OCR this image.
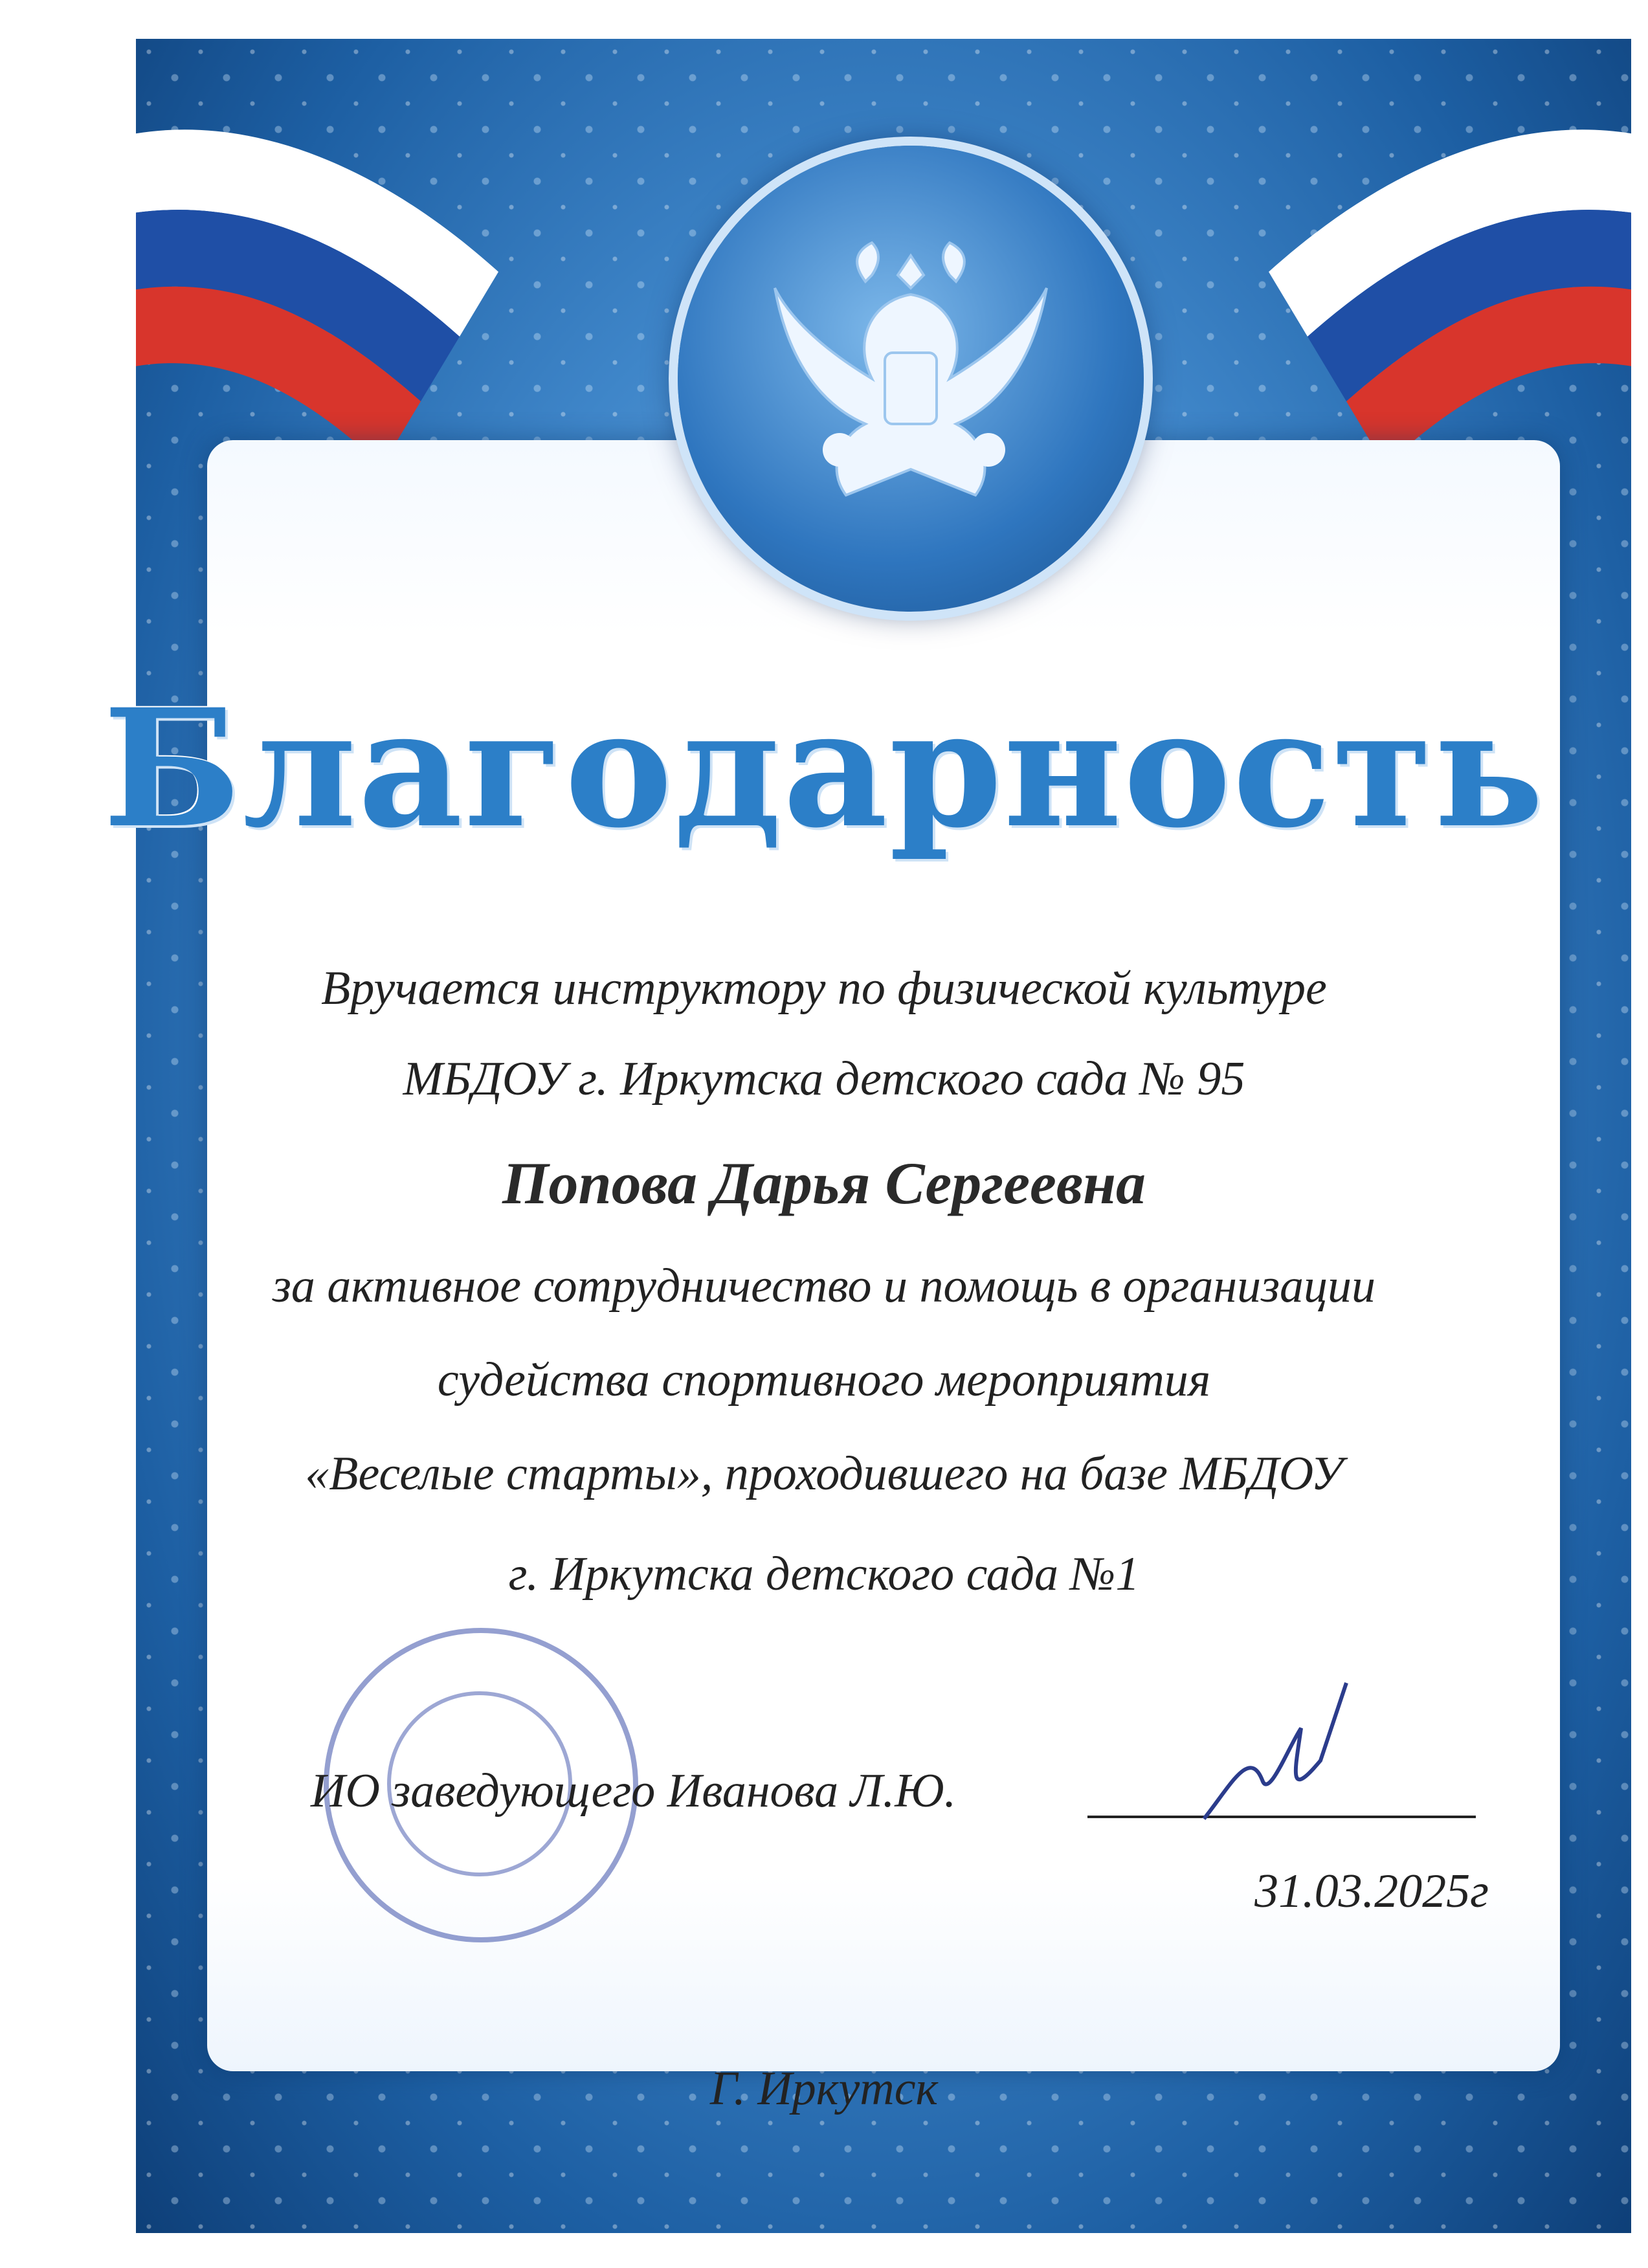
Благодарность
Вручается инструктору по физической культуре
МБДОУ г. Иркутска детского сада № 95
Попова Дарья Сергеевна
за активное сотрудничество и помощь в организации
судейства спортивного мероприятия
«Веселые старты», проходившего на базе МБДОУ
г. Иркутска детского сада №1
ИО заведующего Иванова Л.Ю.
31.03.2025г
Г. Иркутск
